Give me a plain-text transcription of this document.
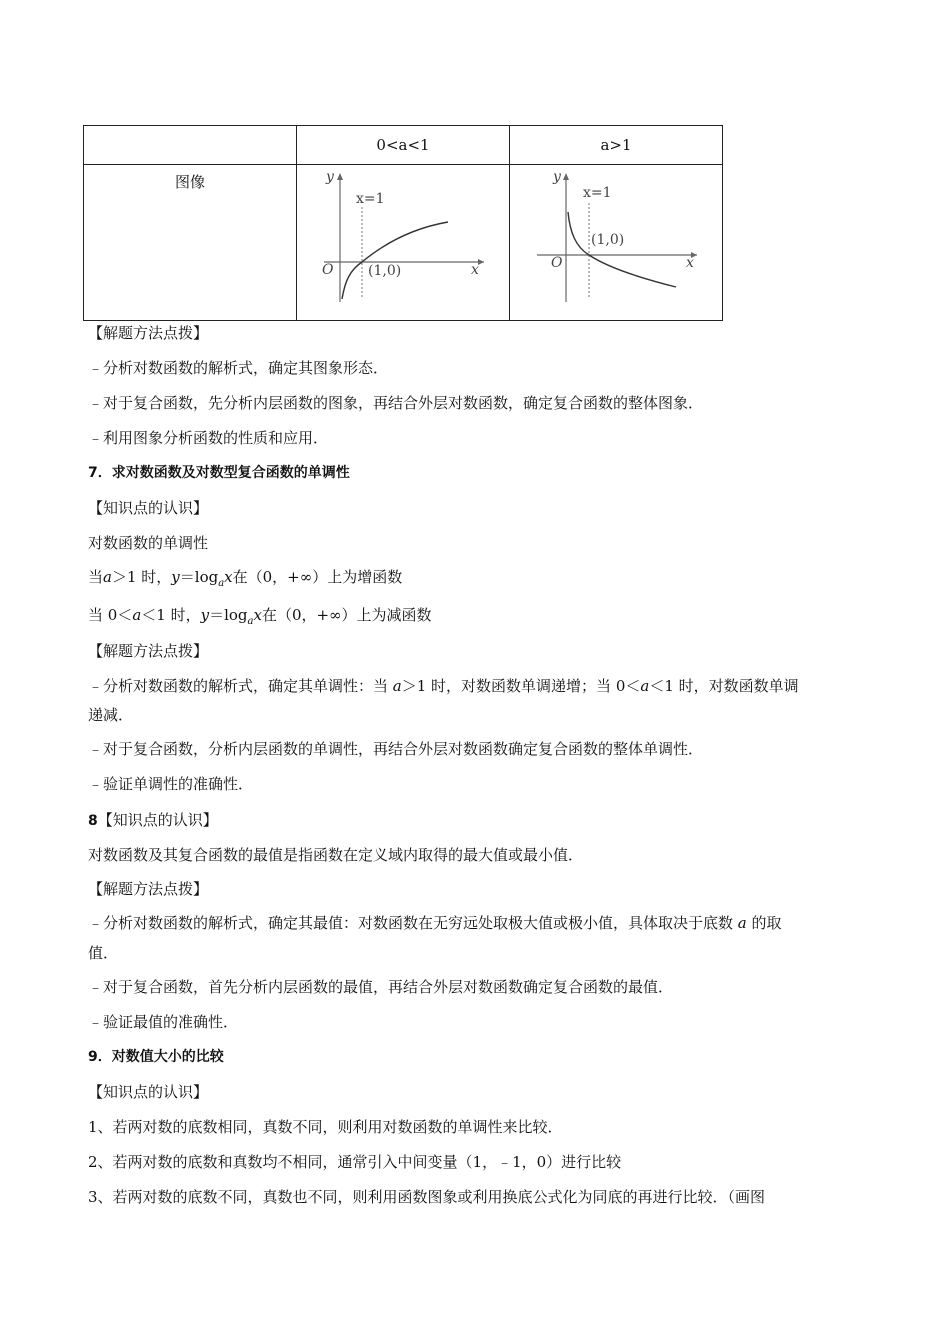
	0<a<1	a>1

图像	y
x
O
x=1
(1,0)	y
x
O
x=1
(1,0)
【解题方法点拨】
﹣分析对数函数的解析式，确定其图象形态．
﹣对于复合函数，先分析内层函数的图象，再结合外层对数函数，确定复合函数的整体图象．
﹣利用图象分析函数的性质和应用．
7．求对数函数及对数型复合函数的单调性
【知识点的认识】
对数函数的单调性
当a＞1 时，$y=\log_ax$在（0，+∞）上为增函数
当 0＜a＜1 时，$y=\log_ax$在（0，+∞）上为减函数
【解题方法点拨】
﹣分析对数函数的解析式，确定其单调性：当 a＞1 时，对数函数单调递增；当 0＜a＜1 时，对数函数单调
递减．
﹣对于复合函数，分析内层函数的单调性，再结合外层对数函数确定复合函数的整体单调性．
﹣验证单调性的准确性．
8【知识点的认识】
对数函数及其复合函数的最值是指函数在定义域内取得的最大值或最小值．
【解题方法点拨】
﹣分析对数函数的解析式，确定其最值：对数函数在无穷远处取极大值或极小值，具体取决于底数 a 的取
值．
﹣对于复合函数，首先分析内层函数的最值，再结合外层对数函数确定复合函数的最值．
﹣验证最值的准确性．
9．对数值大小的比较
【知识点的认识】
1、若两对数的底数相同，真数不同，则利用对数函数的单调性来比较．
2、若两对数的底数和真数均不相同，通常引入中间变量（1，﹣1，0）进行比较
3、若两对数的底数不同，真数也不同，则利用函数图象或利用换底公式化为同底的再进行比较．（画图
